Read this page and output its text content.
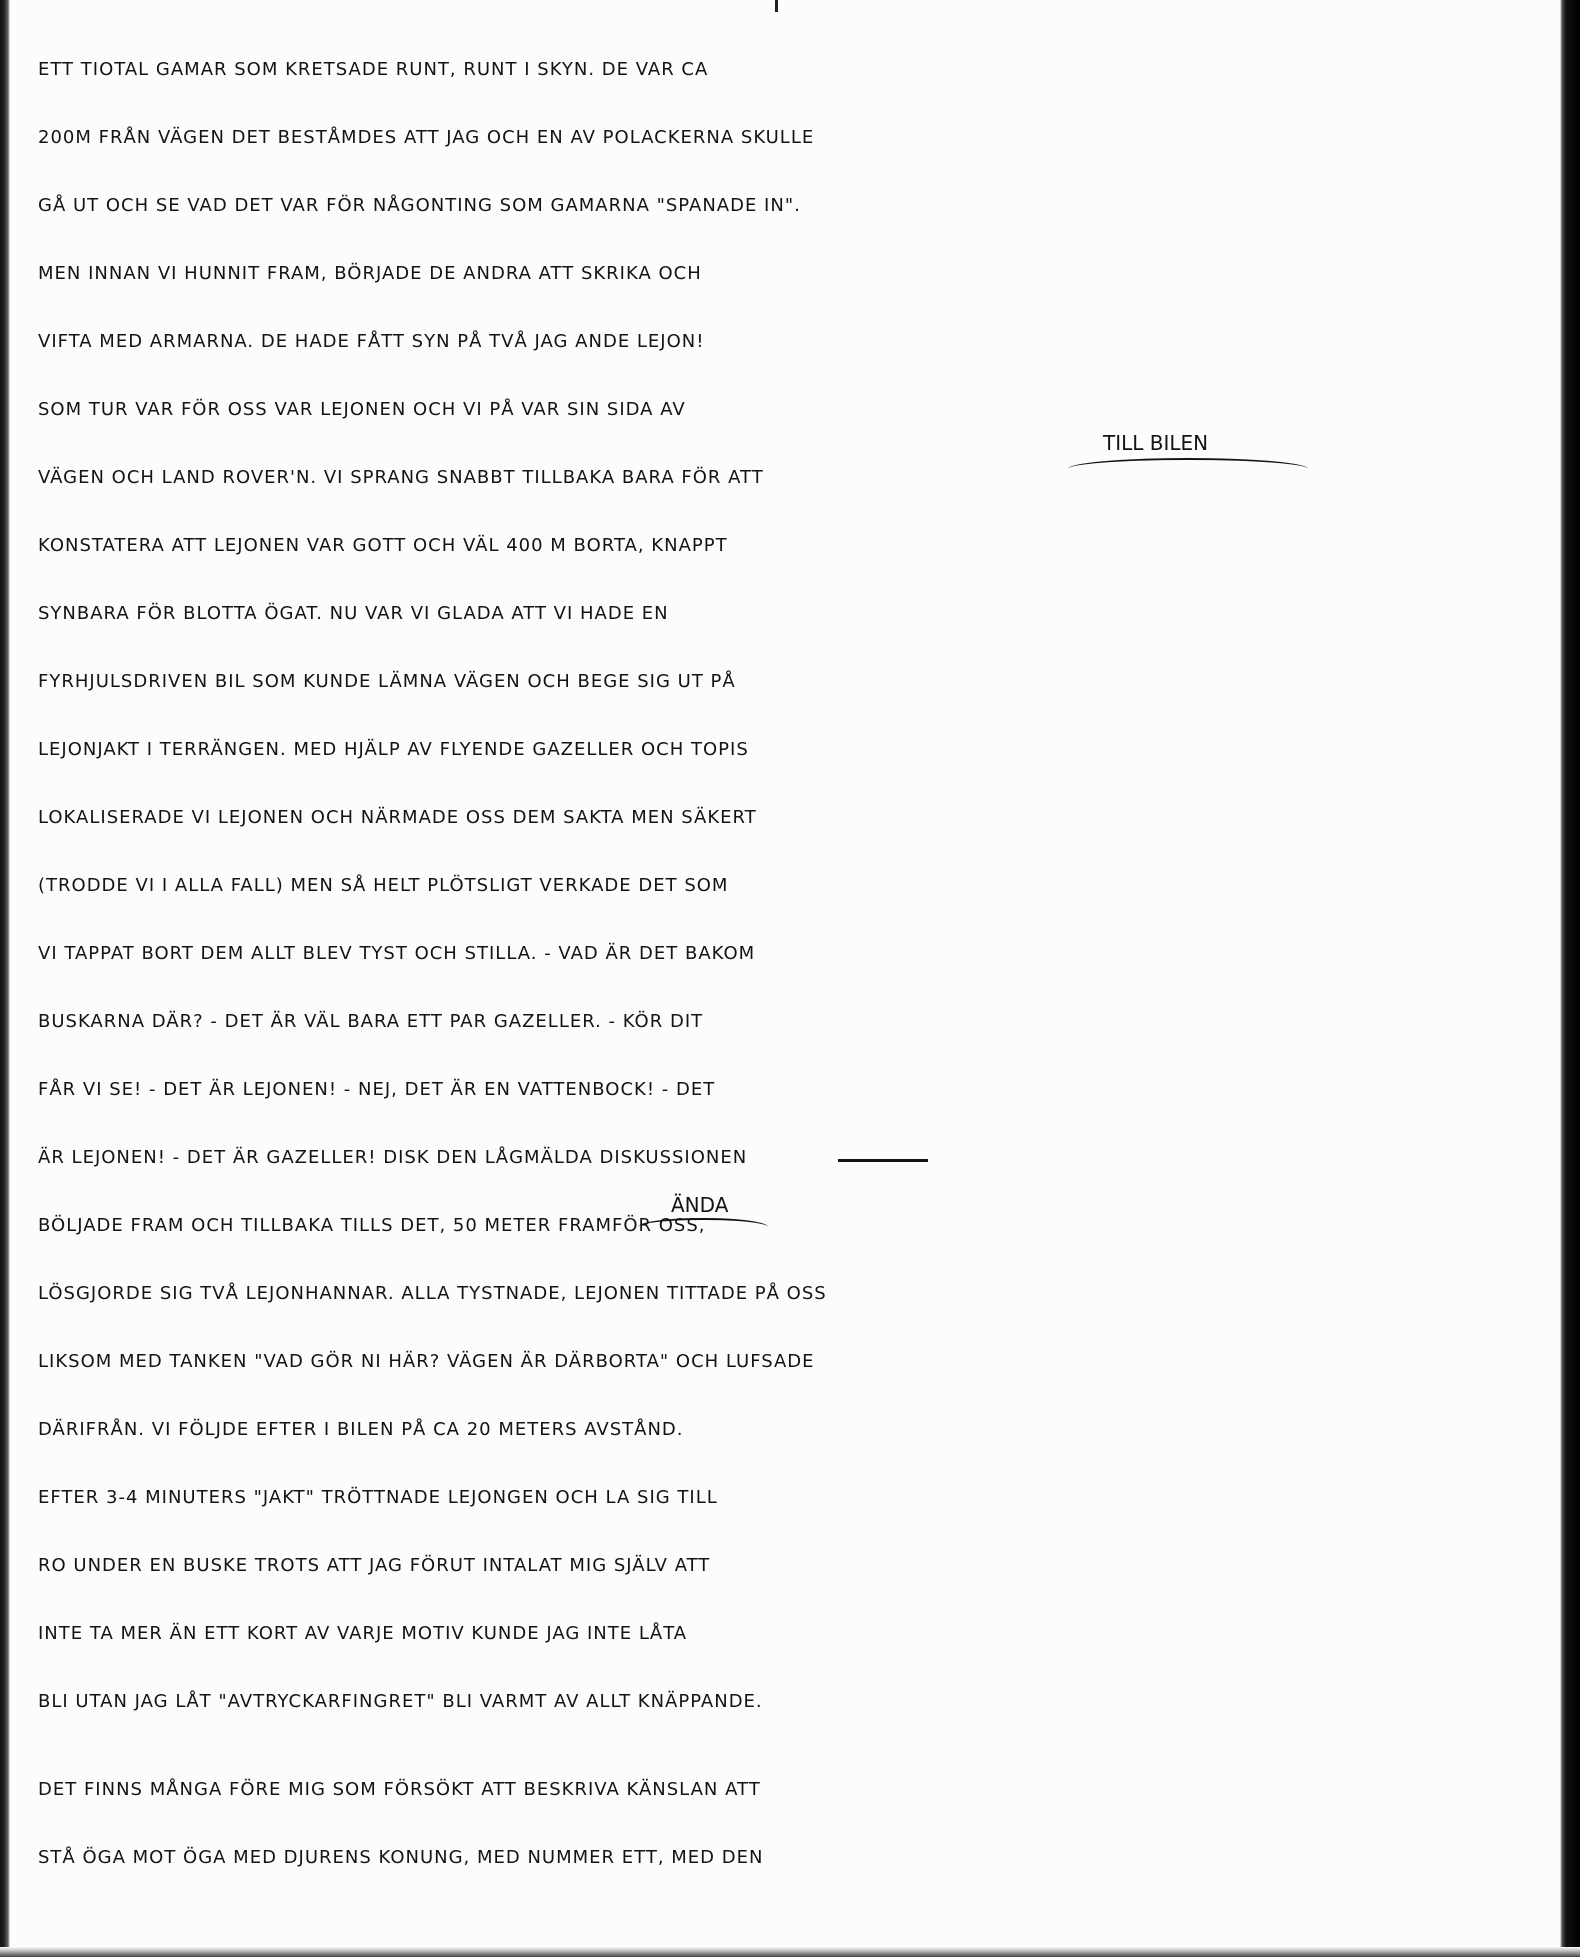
ETT TIOTAL GAMAR SOM KRETSADE RUNT, RUNT I SKYN. DE VAR CA
200M FRÅN VÄGEN DET BESTÅMDES ATT JAG OCH EN AV POLACKERNA SKULLE
GÅ UT OCH SE VAD DET VAR FÖR NÅGONTING SOM GAMARNA "SPANADE IN".
MEN INNAN VI HUNNIT FRAM, BÖRJADE DE ANDRA ATT SKRIKA OCH
VIFTA MED ARMARNA. DE HADE FÅTT SYN PÅ TVÅ JAG ANDE LEJON!
SOM TUR VAR FÖR OSS VAR LEJONEN OCH VI PÅ VAR SIN SIDA AV
TILL BILEN
VÄGEN OCH LAND ROVER'N. VI SPRANG SNABBT TILLBAKA BARA FÖR ATT
KONSTATERA ATT LEJONEN VAR GOTT OCH VÄL 400 M BORTA, KNAPPT
SYNBARA FÖR BLOTTA ÖGAT. NU VAR VI GLADA ATT VI HADE EN
FYRHJULSDRIVEN BIL SOM KUNDE LÄMNA VÄGEN OCH BEGE SIG UT PÅ
LEJONJAKT I TERRÄNGEN. MED HJÄLP AV FLYENDE GAZELLER OCH TOPIS
LOKALISERADE VI LEJONEN OCH NÄRMADE OSS DEM SAKTA MEN SÄKERT
(TRODDE VI I ALLA FALL) MEN SÅ HELT PLÖTSLIGT VERKADE DET SOM
VI TAPPAT BORT DEM ALLT BLEV TYST OCH STILLA. - VAD ÄR DET BAKOM
BUSKARNA DÄR? - DET ÄR VÄL BARA ETT PAR GAZELLER. - KÖR DIT
FÅR VI SE! - DET ÄR LEJONEN! - NEJ, DET ÄR EN VATTENBOCK! - DET
ÄR LEJONEN! - DET ÄR GAZELLER! DISK DEN LÅGMÄLDA DISKUSSIONEN
ÄNDA
BÖLJADE FRAM OCH TILLBAKA TILLS DET, 50 METER FRAMFÖR OSS,
LÖSGJORDE SIG TVÅ LEJONHANNAR. ALLA TYSTNADE, LEJONEN TITTADE PÅ OSS
LIKSOM MED TANKEN "VAD GÖR NI HÄR? VÄGEN ÄR DÄRBORTA" OCH LUFSADE
DÄRIFRÅN. VI FÖLJDE EFTER I BILEN PÅ CA 20 METERS AVSTÅND.
EFTER 3-4 MINUTERS "JAKT" TRÖTTNADE LEJONGEN OCH LA SIG TILL
RO UNDER EN BUSKE TROTS ATT JAG FÖRUT INTALAT MIG SJÄLV ATT
INTE TA MER ÄN ETT KORT AV VARJE MOTIV KUNDE JAG INTE LÅTA
BLI UTAN JAG LÅT "AVTRYCKARFINGRET" BLI VARMT AV ALLT KNÄPPANDE.
DET FINNS MÅNGA FÖRE MIG SOM FÖRSÖKT ATT BESKRIVA KÄNSLAN ATT
STÅ ÖGA MOT ÖGA MED DJURENS KONUNG, MED NUMMER ETT, MED DEN
